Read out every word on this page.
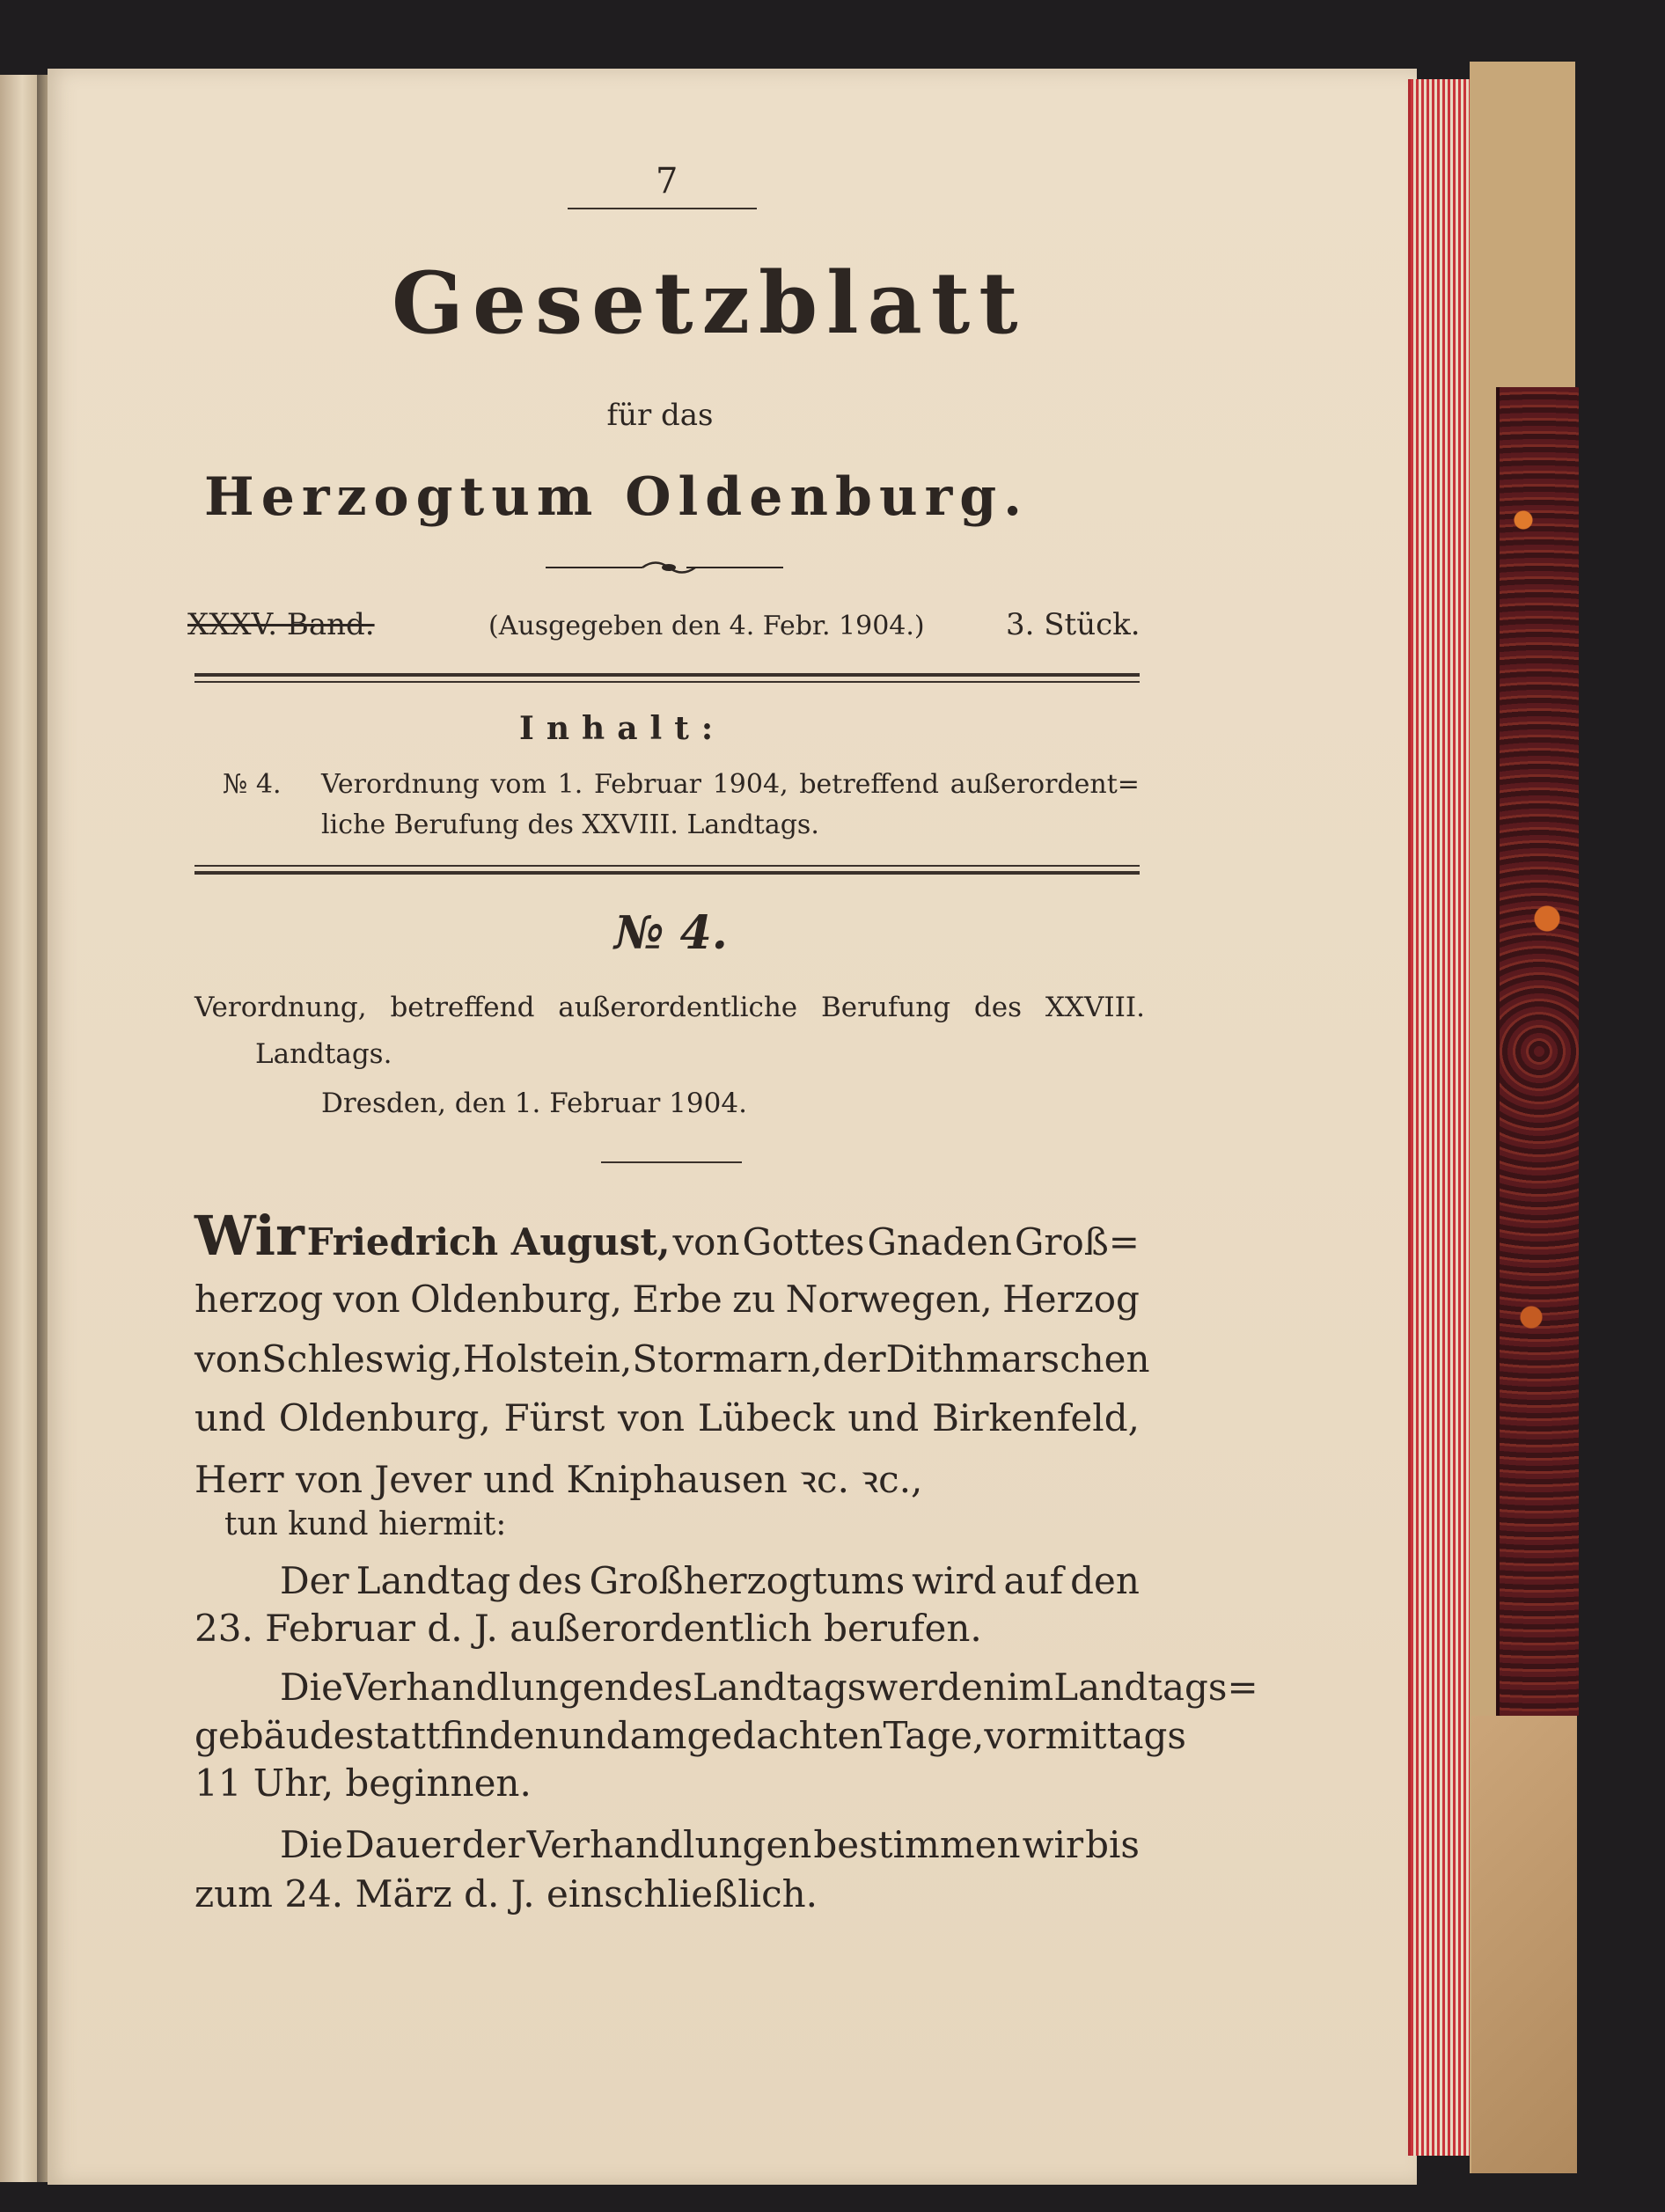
7
Gesetzblatt
für das
Herzogtum Oldenburg.
XXXV. Band.	(Ausgegeben den 4. Febr. 1904.)	3. Stück.
Inhalt:
№ 4. Verordnung vom 1. Februar 1904, betreffend außerordent=
liche Berufung des XXVIII. Landtags.
№ 4.
Verordnung, betreffend außerordentliche Berufung des XXVIII.
Landtags.
Dresden, den 1. Februar 1904.
Wir Friedrich August, von Gottes Gnaden Groß=
herzog von Oldenburg, Erbe zu Norwegen, Herzog
von Schleswig, Holstein, Stormarn, der Dithmarschen
und Oldenburg, Fürst von Lübeck und Birkenfeld,
Herr von Jever und Kniphausen ꝛc. ꝛc.,
tun kund hiermit:
Der Landtag des Großherzogtums wird auf den
23. Februar d. J. außerordentlich berufen.
Die Verhandlungen des Landtags werden im Landtags=
gebäude stattfinden und am gedachten Tage, vormittags
11 Uhr, beginnen.
Die Dauer der Verhandlungen bestimmen wir bis
zum 24. März d. J. einschließlich.
